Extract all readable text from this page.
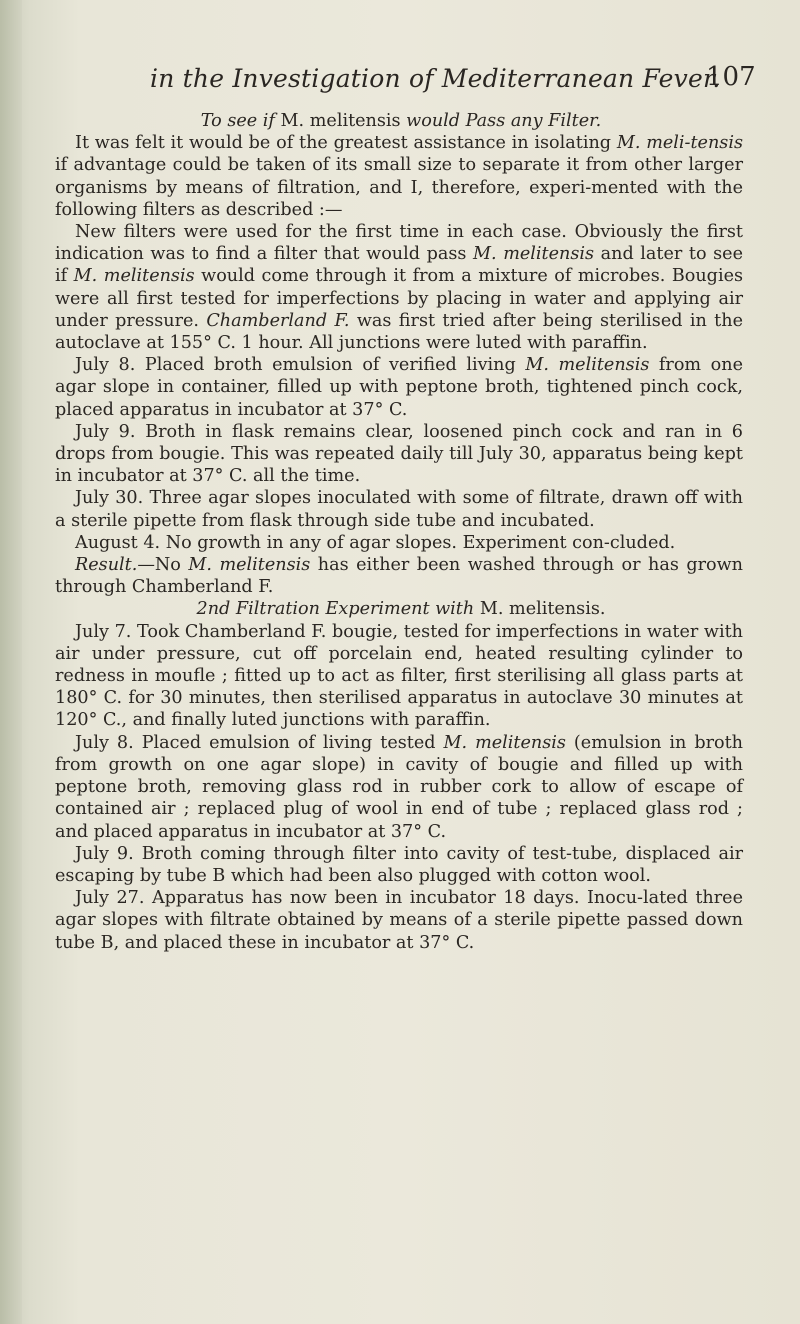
in the Investigation of Mediterranean Fever.
107
To see if M. melitensis would Pass any Filter.

It was felt it would be of the greatest assistance in isolating M. meli-tensis if advantage could be taken of its small size to separate it from other larger organisms by means of filtration, and I, therefore, experi-mented with the following filters as described :—

New filters were used for the first time in each case. Obviously the first indication was to find a filter that would pass M. melitensis and later to see if M. melitensis would come through it from a mixture of microbes. Bougies were all first tested for imperfections by placing in water and applying air under pressure. Chamberland F. was first tried after being sterilised in the autoclave at 155° C. 1 hour. All junctions were luted with paraffin.

July 8. Placed broth emulsion of verified living M. melitensis from one agar slope in container, filled up with peptone broth, tightened pinch cock, placed apparatus in incubator at 37° C.

July 9. Broth in flask remains clear, loosened pinch cock and ran in 6 drops from bougie. This was repeated daily till July 30, apparatus being kept in incubator at 37° C. all the time.

July 30. Three agar slopes inoculated with some of filtrate, drawn off with a sterile pipette from flask through side tube and incubated.

August 4. No growth in any of agar slopes. Experiment con-cluded.

Result.—No M. melitensis has either been washed through or has grown through Chamberland F.

2nd Filtration Experiment with M. melitensis.

July 7. Took Chamberland F. bougie, tested for imperfections in water with air under pressure, cut off porcelain end, heated resulting cylinder to redness in moufle ; fitted up to act as filter, first sterilising all glass parts at 180° C. for 30 minutes, then sterilised apparatus in autoclave 30 minutes at 120° C., and finally luted junctions with paraffin.

July 8. Placed emulsion of living tested M. melitensis (emulsion in broth from growth on one agar slope) in cavity of bougie and filled up with peptone broth, removing glass rod in rubber cork to allow of escape of contained air ; replaced plug of wool in end of tube ; replaced glass rod ; and placed apparatus in incubator at 37° C.

July 9. Broth coming through filter into cavity of test-tube, displaced air escaping by tube B which had been also plugged with cotton wool.

July 27. Apparatus has now been in incubator 18 days. Inocu-lated three agar slopes with filtrate obtained by means of a sterile pipette passed down tube B, and placed these in incubator at 37° C.
